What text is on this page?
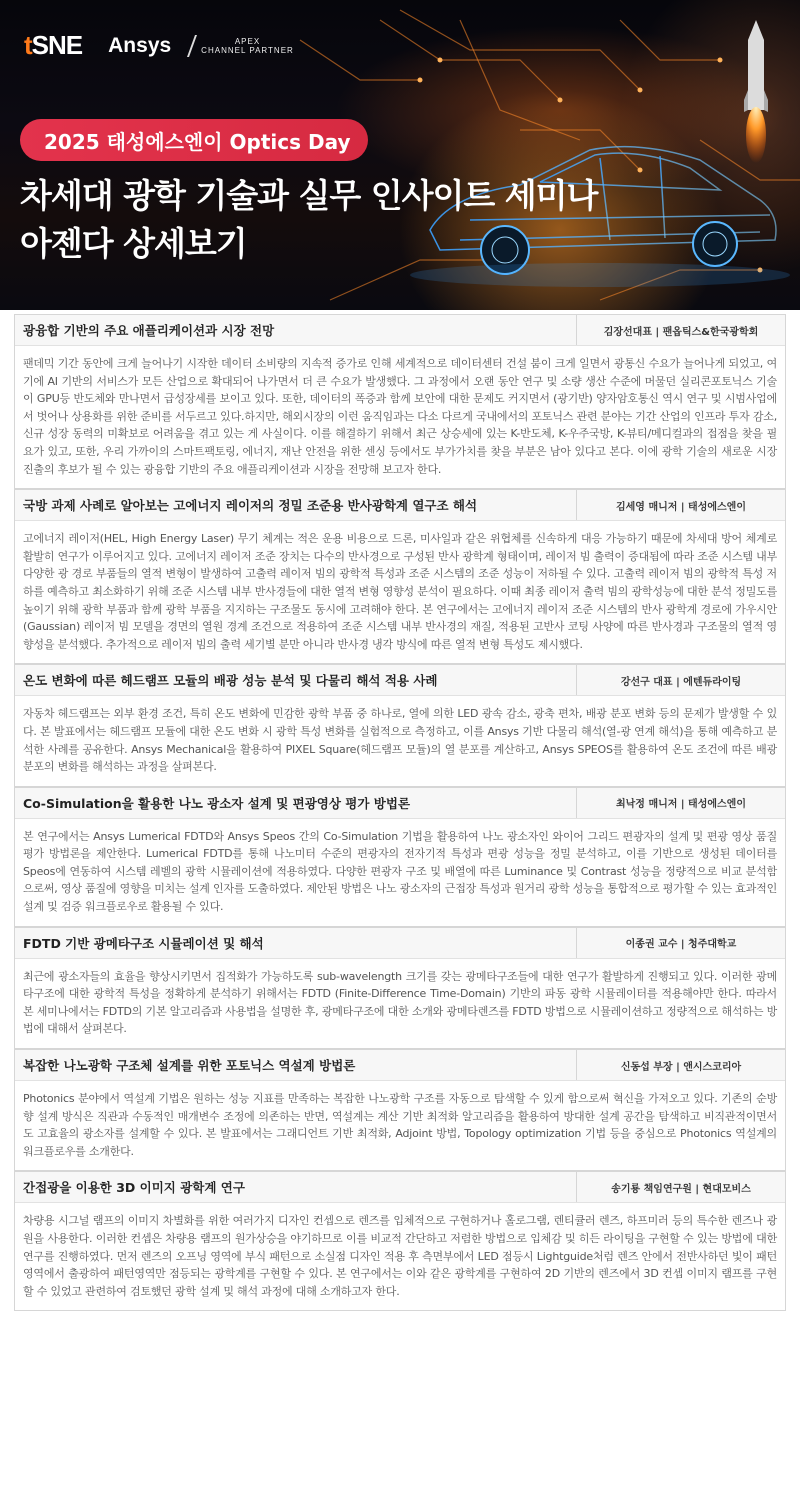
tSNE Ansys	APEX
CHANNEL PARTNER
2025 태성에스엔이 Optics Day
차세대 광학 기술과 실무 인사이트 세미나
아젠다 상세보기
광융합 기반의 주요 애플리케이션과 시장 전망	김장선대표 | 팬옵틱스&한국광학회
팬데믹 기간 동안에 크게 늘어나기 시작한 데이터 소비량의 지속적 증가로 인해 세계적으로 데이터센터 건설 붐이 크게 일면서 광통신 수요가 늘어나게 되었고, 여기에 AI 기반의 서비스가 모든 산업으로 확대되어 나가면서 더 큰 수요가 발생했다. 그 과정에서 오랜 동안 연구 및 소량 생산 수준에 머물던 실리콘포토닉스 기술이 GPU등 반도체와 만나면서 급성장세를 보이고 있다. 또한, 데이터의 폭증과 함께 보안에 대한 문제도 커지면서 (광기반) 양자암호통신 역시 연구 및 시범사업에서 벗어나 상용화를 위한 준비를 서두르고 있다.하지만, 해외시장의 이런 움직임과는 다소 다르게 국내에서의 포토닉스 관련 분야는 기간 산업의 인프라 투자 감소, 신규 성장 동력의 미확보로 어려움을 겪고 있는 게 사실이다. 이를 해결하기 위해서 최근 상승세에 있는 K-반도체, K-우주국방, K-뷰티/메디컬과의 접점을 찾을 필요가 있고, 또한, 우리 가까이의 스마트팩토링, 에너지, 재난 안전을 위한 센싱 등에서도 부가가치를 찾을 부분은 남아 있다고 본다. 이에 광학 기술의 새로운 시장 진출의 후보가 될 수 있는 광융합 기반의 주요 애플리케이션과 시장을 전망해 보고자 한다.
국방 과제 사례로 알아보는 고에너지 레이저의 정밀 조준용 반사광학계 열구조 해석	김세영 매니저 | 태성에스엔이
고에너지 레이저(HEL, High Energy Laser) 무기 체계는 적은 운용 비용으로 드론, 미사일과 같은 위협체를 신속하게 대응 가능하기 때문에 차세대 방어 체계로 활발히 연구가 이루어지고 있다. 고에너지 레이저 조준 장치는 다수의 반사경으로 구성된 반사 광학계 형태이며, 레이저 빔 출력이 증대됨에 따라 조준 시스템 내부 다양한 광 경로 부품들의 열적 변형이 발생하여 고출력 레이저 빔의 광학적 특성과 조준 시스템의 조준 성능이 저하될 수 있다. 고출력 레이저 빔의 광학적 특성 저하를 예측하고 최소화하기 위해 조준 시스템 내부 반사경들에 대한 열적 변형 영향성 분석이 필요하다. 이때 최종 레이저 출력 빔의 광학성능에 대한 분석 정밀도를 높이기 위해 광학 부품과 함께 광학 부품을 지지하는 구조물도 동시에 고려해야 한다. 본 연구에서는 고에너지 레이저 조준 시스템의 반사 광학계 경로에 가우시안(Gaussian) 레이저 빔 모델을 경면의 열원 경계 조건으로 적용하여 조준 시스템 내부 반사경의 재질, 적용된 고반사 코팅 사양에 따른 반사경과 구조물의 열적 영향성을 분석했다. 추가적으로 레이저 빔의 출력 세기별 분만 아니라 반사경 냉각 방식에 따른 열적 변형 특성도 제시했다.
온도 변화에 따른 헤드램프 모듈의 배광 성능 분석 및 다물리 해석 적용 사례	강선구 대표 | 에텐듀라이팅
자동차 헤드램프는 외부 환경 조건, 특히 온도 변화에 민감한 광학 부품 중 하나로, 열에 의한 LED 광속 감소, 광축 편차, 배광 분포 변화 등의 문제가 발생할 수 있다. 본 발표에서는 헤드램프 모듈에 대한 온도 변화 시 광학 특성 변화를 실험적으로 측정하고, 이를 Ansys 기반 다물리 해석(열-광 연계 해석)을 통해 예측하고 분석한 사례를 공유한다. Ansys Mechanical을 활용하여 PIXEL Square(헤드램프 모듈)의 열 분포를 계산하고, Ansys SPEOS를 활용하여 온도 조건에 따른 배광 분포의 변화를 해석하는 과정을 살펴본다.
Co-Simulation을 활용한 나노 광소자 설계 및 편광영상 평가 방법론	최낙정 매니저 | 태성에스엔이
본 연구에서는 Ansys Lumerical FDTD와 Ansys Speos 간의 Co-Simulation 기법을 활용하여 나노 광소자인 와이어 그리드 편광자의 설계 및 편광 영상 품질 평가 방법론을 제안한다. Lumerical FDTD를 통해 나노미터 수준의 편광자의 전자기적 특성과 편광 성능을 정밀 분석하고, 이를 기반으로 생성된 데이터를 Speos에 연동하여 시스템 레벨의 광학 시뮬레이션에 적용하였다. 다양한 편광자 구조 및 배열에 따른 Luminance 및 Contrast 성능을 정량적으로 비교 분석함으로써, 영상 품질에 영향을 미치는 설계 인자를 도출하였다. 제안된 방법은 나노 광소자의 근접장 특성과 원거리 광학 성능을 통합적으로 평가할 수 있는 효과적인 설계 및 검증 워크플로우로 활용될 수 있다.
FDTD 기반 광메타구조 시뮬레이션 및 해석	이종권 교수 | 청주대학교
최근에 광소자들의 효율을 향상시키면서 집적화가 가능하도록 sub-wavelength 크기를 갖는 광메타구조들에 대한 연구가 활발하게 진행되고 있다. 이러한 광메타구조에 대한 광학적 특성을 정확하게 분석하기 위해서는 FDTD (Finite-Difference Time-Domain) 기반의 파동 광학 시뮬레이터를 적용해야만 한다. 따라서 본 세미나에서는 FDTD의 기본 알고리즘과 사용법을 설명한 후, 광메타구조에 대한 소개와 광메타렌즈를 FDTD 방법으로 시뮬레이션하고 정량적으로 해석하는 방법에 대해서 살펴본다.
복잡한 나노광학 구조체 설계를 위한 포토닉스 역설계 방법론	신동섭 부장 | 앤시스코리아
Photonics 분야에서 역설계 기법은 원하는 성능 지표를 만족하는 복잡한 나노광학 구조를 자동으로 탐색할 수 있게 함으로써 혁신을 가져오고 있다. 기존의 순방향 설계 방식은 직관과 수동적인 매개변수 조정에 의존하는 반면, 역설계는 계산 기반 최적화 알고리즘을 활용하여 방대한 설계 공간을 탐색하고 비직관적이면서도 고효율의 광소자를 설계할 수 있다. 본 발표에서는 그래디언트 기반 최적화, Adjoint 방법, Topology optimization 기법 등을 중심으로 Photonics 역설계의 워크플로우를 소개한다.
간접광을 이용한 3D 이미지 광학계 연구	송기룡 책임연구원 | 현대모비스
차량용 시그널 램프의 이미지 차별화를 위한 여러가지 디자인 컨셉으로 렌즈를 입체적으로 구현하거나 홀로그램, 렌티큘러 렌즈, 하프미러 등의 특수한 렌즈나 광원을 사용한다. 이러한 컨셉은 차량용 램프의 원가상승을 야기하므로 이를 비교적 간단하고 저렴한 방법으로 입체감 및 히든 라이팅을 구현할 수 있는 방법에 대한 연구를 진행하였다. 먼저 렌즈의 오프닝 영역에 부식 패턴으로 소실점 디자인 적용 후 측면부에서 LED 점등시 Lightguide처럼 렌즈 안에서 전반사하던 빛이 패턴 영역에서 출광하여 패턴영역만 점등되는 광학계를 구현할 수 있다. 본 연구에서는 이와 같은 광학계를 구현하여 2D 기반의 렌즈에서 3D 컨셉 이미지 램프를 구현할 수 있었고 관련하여 검토했던 광학 설계 및 해석 과정에 대해 소개하고자 한다.
